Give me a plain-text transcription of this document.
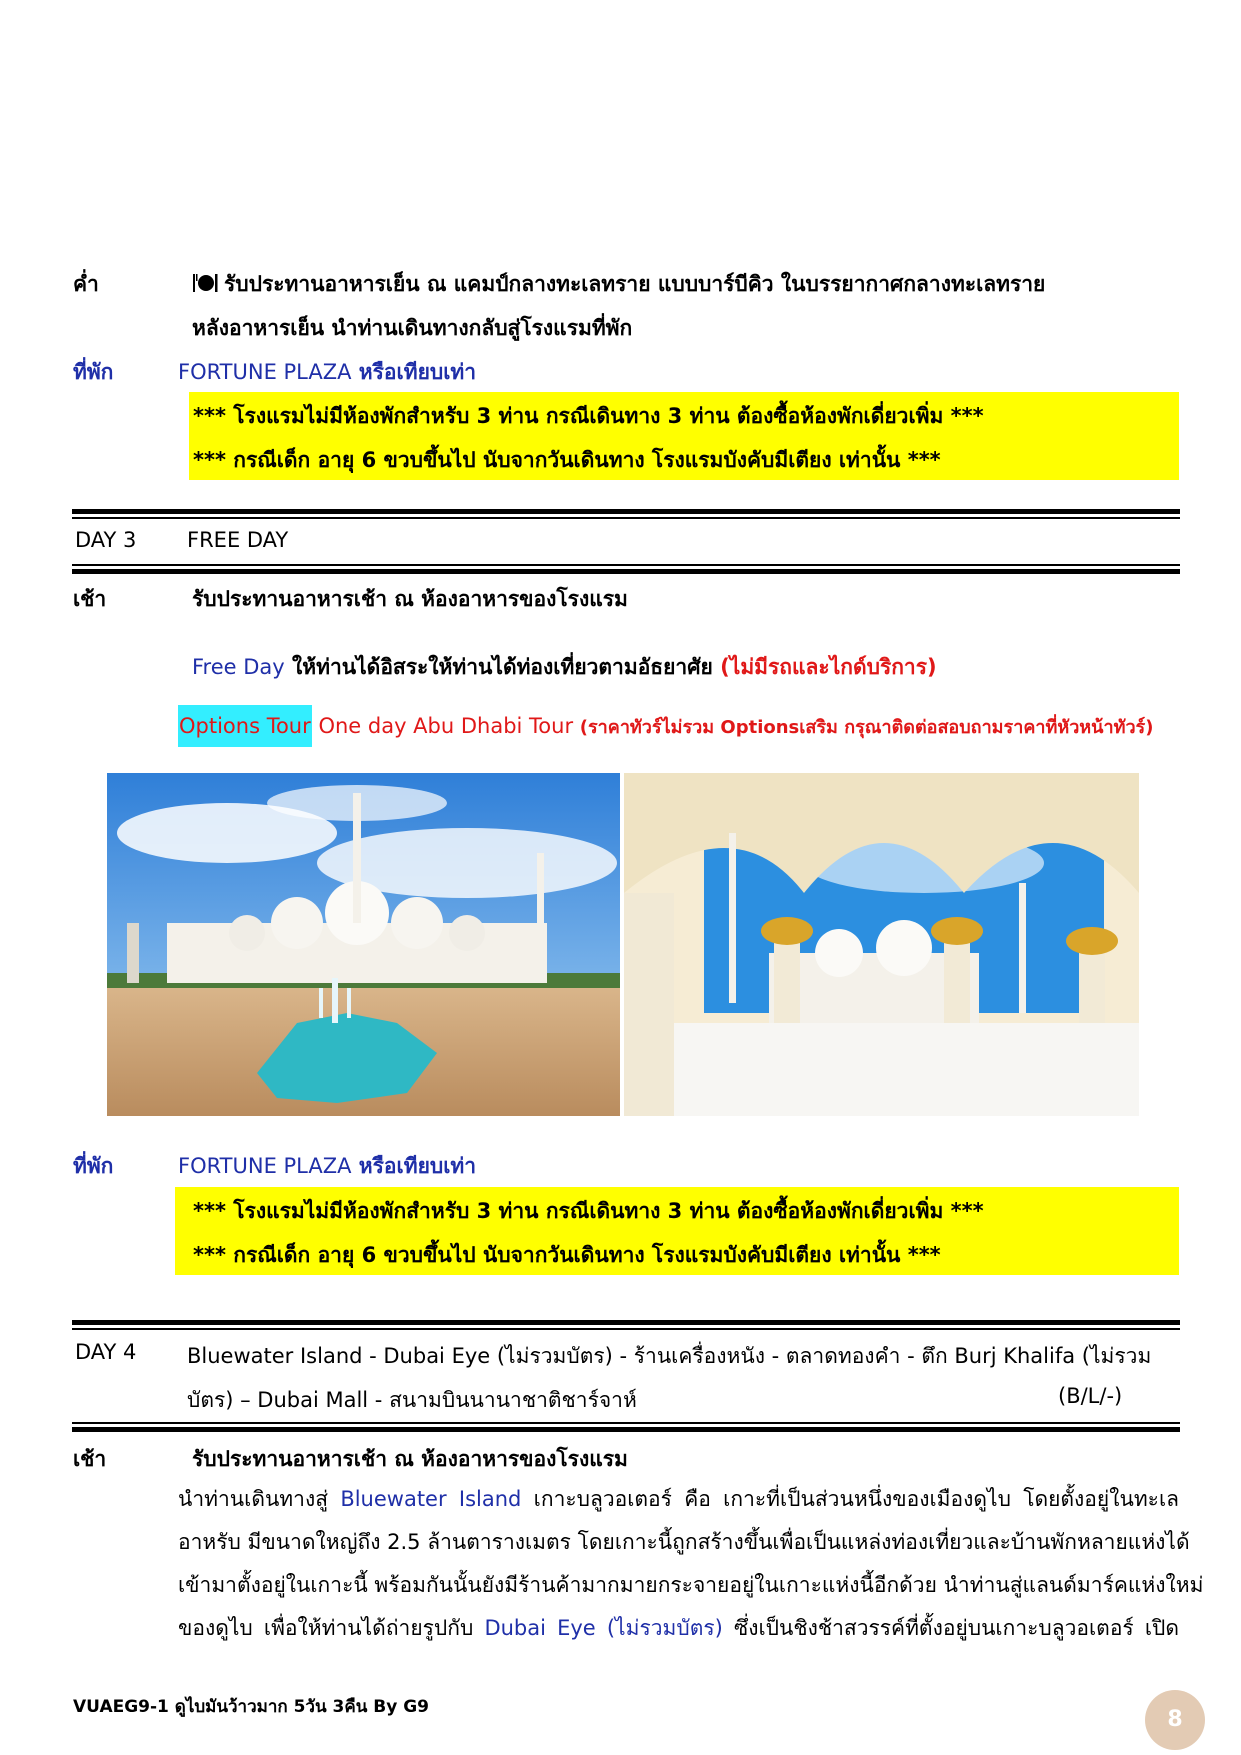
ค่ำ	รับประทานอาหารเย็น ณ แคมป์กลางทะเลทราย แบบบาร์บีคิว ในบรรยากาศกลางทะเลทราย
หลังอาหารเย็น นำท่านเดินทางกลับสู่โรงแรมที่พัก
ที่พัก	FORTUNE PLAZA หรือเทียบเท่า
*** โรงแรมไม่มีห้องพักสำหรับ 3 ท่าน กรณีเดินทาง 3 ท่าน ต้องซื้อห้องพักเดี่ยวเพิ่ม ***
*** กรณีเด็ก อายุ 6 ขวบขึ้นไป นับจากวันเดินทาง โรงแรมบังคับมีเตียง เท่านั้น ***
DAY 3 FREE DAY
เช้า	รับประทานอาหารเช้า ณ ห้องอาหารของโรงแรม
Free Day ให้ท่านได้อิสระให้ท่านได้ท่องเที่ยวตามอัธยาศัย (ไม่มีรถและไกด์บริการ)
Options Tour One day Abu Dhabi Tour (ราคาทัวร์ไม่รวม Optionsเสริม กรุณาติดต่อสอบถามราคาที่หัวหน้าทัวร์)
ที่พัก	FORTUNE PLAZA หรือเทียบเท่า
*** โรงแรมไม่มีห้องพักสำหรับ 3 ท่าน กรณีเดินทาง 3 ท่าน ต้องซื้อห้องพักเดี่ยวเพิ่ม ***
*** กรณีเด็ก อายุ 6 ขวบขึ้นไป นับจากวันเดินทาง โรงแรมบังคับมีเตียง เท่านั้น ***
DAY 4 Bluewater Island - Dubai Eye (ไม่รวมบัตร) - ร้านเครื่องหนัง - ตลาดทองคำ - ตึก Burj Khalifa (ไม่รวม
บัตร) – Dubai Mall - สนามบินนานาชาติชาร์จาห์	(B/L/-)
เช้า	รับประทานอาหารเช้า ณ ห้องอาหารของโรงแรม
นำท่านเดินทางสู่ Bluewater Island เกาะบลูวอเตอร์ คือ เกาะที่เป็นส่วนหนึ่งของเมืองดูไบ โดยตั้งอยู่ในทะเล
อาหรับ มีขนาดใหญ่ถึง 2.5 ล้านตารางเมตร โดยเกาะนี้ถูกสร้างขึ้นเพื่อเป็นแหล่งท่องเที่ยวและบ้านพักหลายแห่งได้
เข้ามาตั้งอยู่ในเกาะนี้ พร้อมกันนั้นยังมีร้านค้ามากมายกระจายอยู่ในเกาะแห่งนี้อีกด้วย นำท่านสู่แลนด์มาร์คแห่งใหม่
ของดูไบ เพื่อให้ท่านได้ถ่ายรูปกับ Dubai Eye (ไม่รวมบัตร) ซึ่งเป็นชิงช้าสวรรค์ที่ตั้งอยู่บนเกาะบลูวอเตอร์ เปิด
VUAEG9-1 ดูไบมันว้าวมาก 5วัน 3คืน By G9	8
